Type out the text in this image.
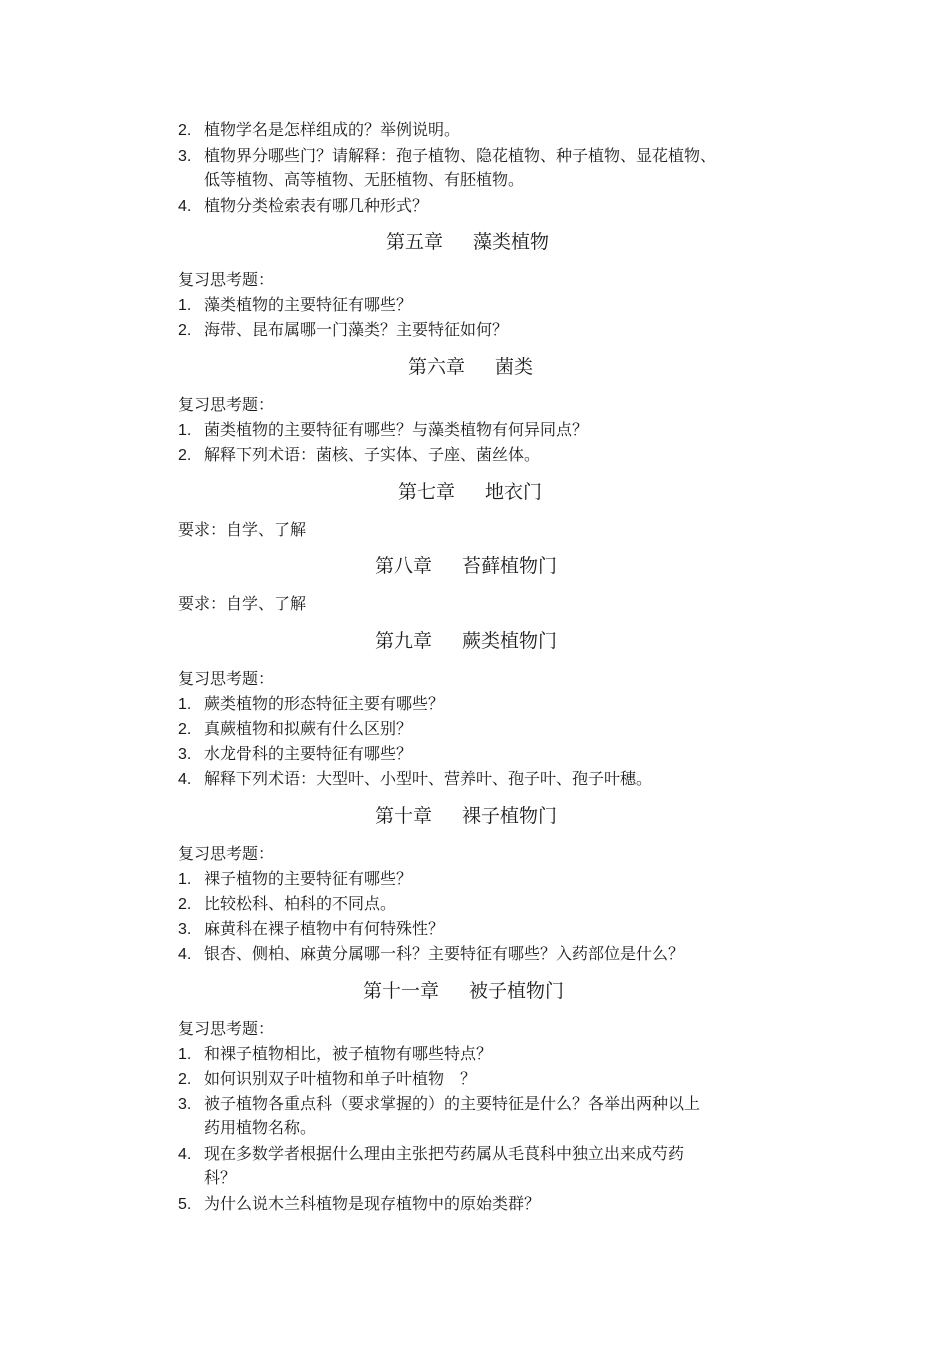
2. 植物学名是怎样组成的？举例说明。
3. 植物界分哪些门？请解释：孢子植物、隐花植物、种子植物、显花植物、
低等植物、高等植物、无胚植物、有胚植物。
4. 植物分类检索表有哪几种形式？
第五章 藻类植物
复习思考题：
1. 藻类植物的主要特征有哪些？
2. 海带、昆布属哪一门藻类？主要特征如何？
第六章 菌类
复习思考题：
1. 菌类植物的主要特征有哪些？与藻类植物有何异同点？
2. 解释下列术语：菌核、子实体、子座、菌丝体。
第七章 地衣门
要求：自学、了解
第八章 苔藓植物门
要求：自学、了解
第九章 蕨类植物门
复习思考题：
1. 蕨类植物的形态特征主要有哪些？
2. 真蕨植物和拟蕨有什么区别？
3. 水龙骨科的主要特征有哪些？
4. 解释下列术语：大型叶、小型叶、营养叶、孢子叶、孢子叶穗。
第十章 裸子植物门
复习思考题：
1. 裸子植物的主要特征有哪些？
2. 比较松科、柏科的不同点。
3. 麻黄科在裸子植物中有何特殊性？
4. 银杏、侧柏、麻黄分属哪一科？主要特征有哪些？入药部位是什么？
第十一章 被子植物门
复习思考题：
1. 和裸子植物相比，被子植物有哪些特点？
2. 如何识别双子叶植物和单子叶植物　？
3. 被子植物各重点科（要求掌握的）的主要特征是什么？各举出两种以上
药用植物名称。
4. 现在多数学者根据什么理由主张把芍药属从毛茛科中独立出来成芍药
科？
5. 为什么说木兰科植物是现存植物中的原始类群？
